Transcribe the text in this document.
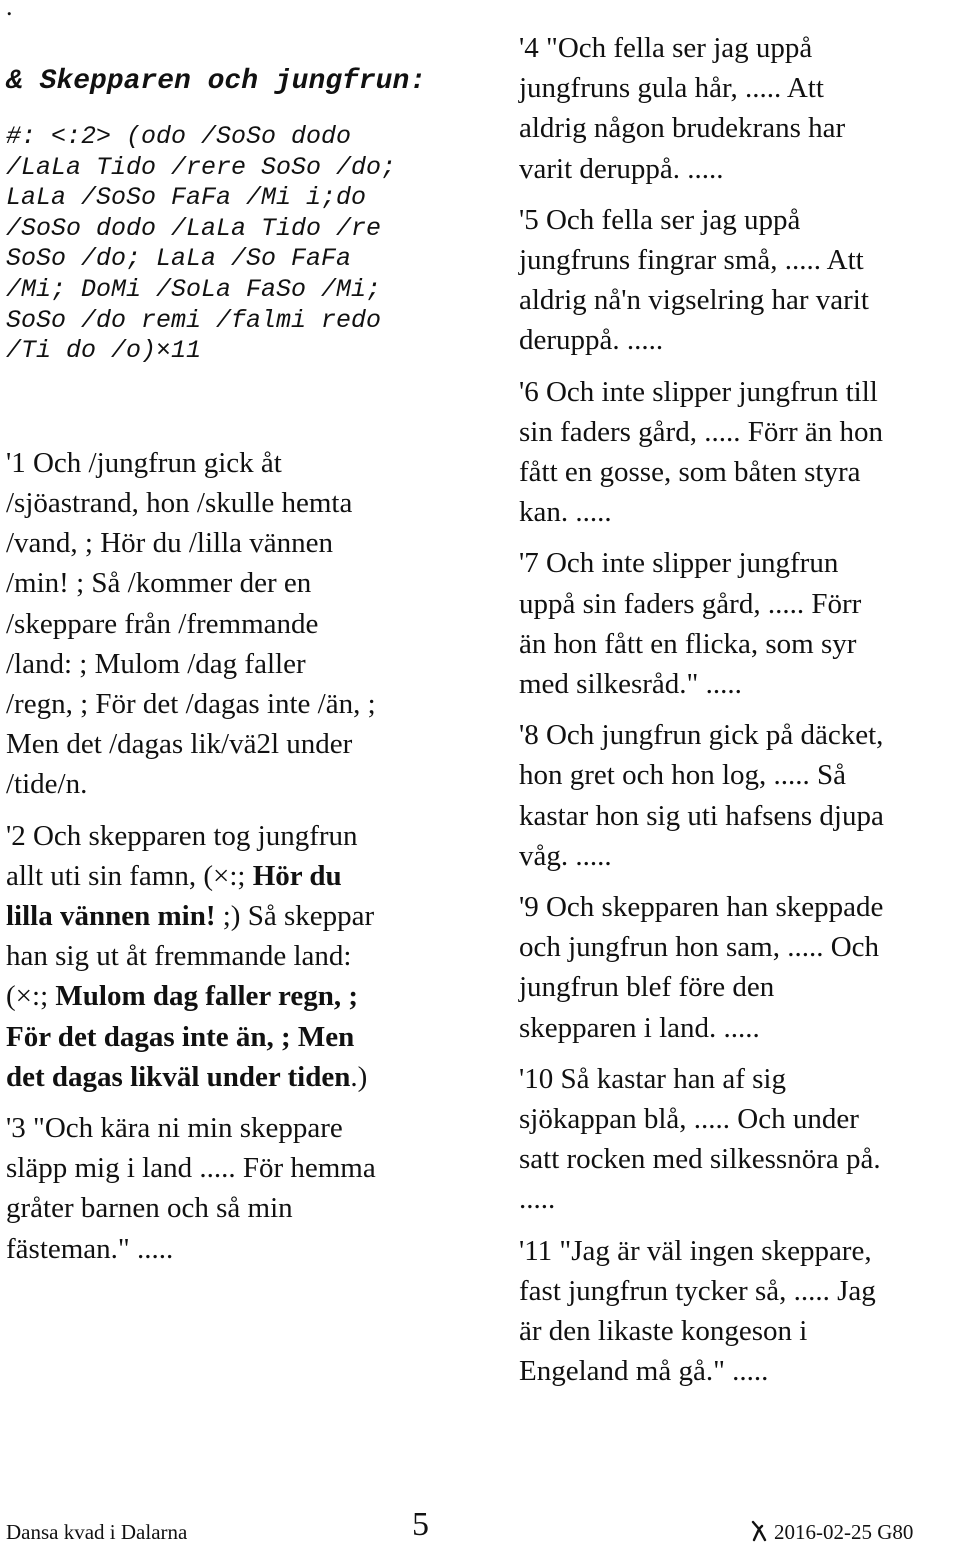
.
& Skepparen och jungfrun:
#: <:2> (odo /SoSo dodo
/LaLa Tido /rere SoSo /do;
LaLa /SoSo FaFa /Mi i;do
/SoSo dodo /LaLa Tido /re
SoSo /do; LaLa /So FaFa
/Mi; DoMi /SoLa FaSo /Mi;
SoSo /do remi /falmi redo
/Ti do /o)×11
'1 Och /jungfrun gick åt
/sjöastrand, hon /skulle hemta
/vand, ; Hör du /lilla vännen
/min! ; Så /kommer der en
/skeppare från /fremmande
/land: ; Mulom /dag faller
/regn, ; För det /dagas inte /än, ;
Men det /dagas lik/vä2l under
/tide/n.
'2 Och skepparen tog jungfrun
allt uti sin famn, (×:; Hör du
lilla vännen min! ;) Så skeppar
han sig ut åt fremmande land:
(×:; Mulom dag faller regn, ;
För det dagas inte än, ; Men
det dagas likväl under tiden.)
'3 "Och kära ni min skeppare
släpp mig i land ..... För hemma
gråter barnen och så min
fästeman." .....
'4 "Och fella ser jag uppå
jungfruns gula hår, ..... Att
aldrig någon brudekrans har
varit deruppå. .....
'5 Och fella ser jag uppå
jungfruns fingrar små, ..... Att
aldrig nå'n vigselring har varit
deruppå. .....
'6 Och inte slipper jungfrun till
sin faders gård, ..... Förr än hon
fått en gosse, som båten styra
kan. .....
'7 Och inte slipper jungfrun
uppå sin faders gård, ..... Förr
än hon fått en flicka, som syr
med silkesråd." .....
'8 Och jungfrun gick på däcket,
hon gret och hon log, ..... Så
kastar hon sig uti hafsens djupa
våg. .....
'9 Och skepparen han skeppade
och jungfrun hon sam, ..... Och
jungfrun blef före den
skepparen i land. .....
'10 Så kastar han af sig
sjökappan blå, ..... Och under
satt rocken med silkessnöra på.
.....
'11 "Jag är väl ingen skeppare,
fast jungfrun tycker så, ..... Jag
är den likaste kongeson i
Engeland må gå." .....
Dansa kvad i Dalarna	5	2016-02-25 G80
